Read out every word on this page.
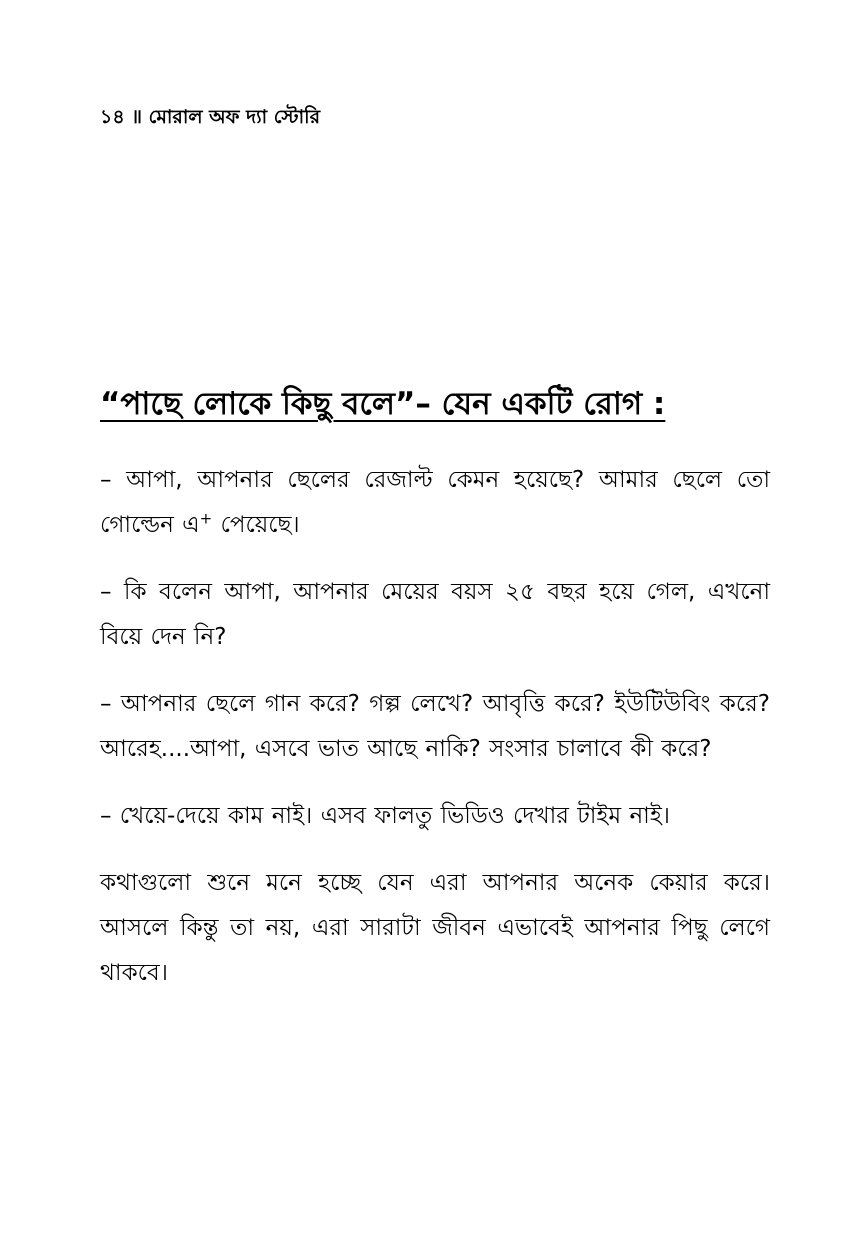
১৪ ॥ মোরাল অফ দ্যা স্টোরি
“পাছে লোকে কিছু বলে”– যেন একটি রোগ :

– আপা, আপনার ছেলের রেজাল্ট কেমন হয়েছে? আমার ছেলে তো গোল্ডেন এ+ পেয়েছে।

– কি বলেন আপা, আপনার মেয়ের বয়স ২৫ বছর হয়ে গেল, এখনো বিয়ে দেন নি?

– আপনার ছেলে গান করে? গল্প লেখে? আবৃত্তি করে? ইউটিউবিং করে? আরেহ....আপা, এসবে ভাত আছে নাকি? সংসার চালাবে কী করে?

– খেয়ে-দেয়ে কাম নাই। এসব ফালতু ভিডিও দেখার টাইম নাই।

কথাগুলো শুনে মনে হচ্ছে যেন এরা আপনার অনেক কেয়ার করে। আসলে কিন্তু তা নয়, এরা সারাটা জীবন এভাবেই আপনার পিছু লেগে থাকবে।
